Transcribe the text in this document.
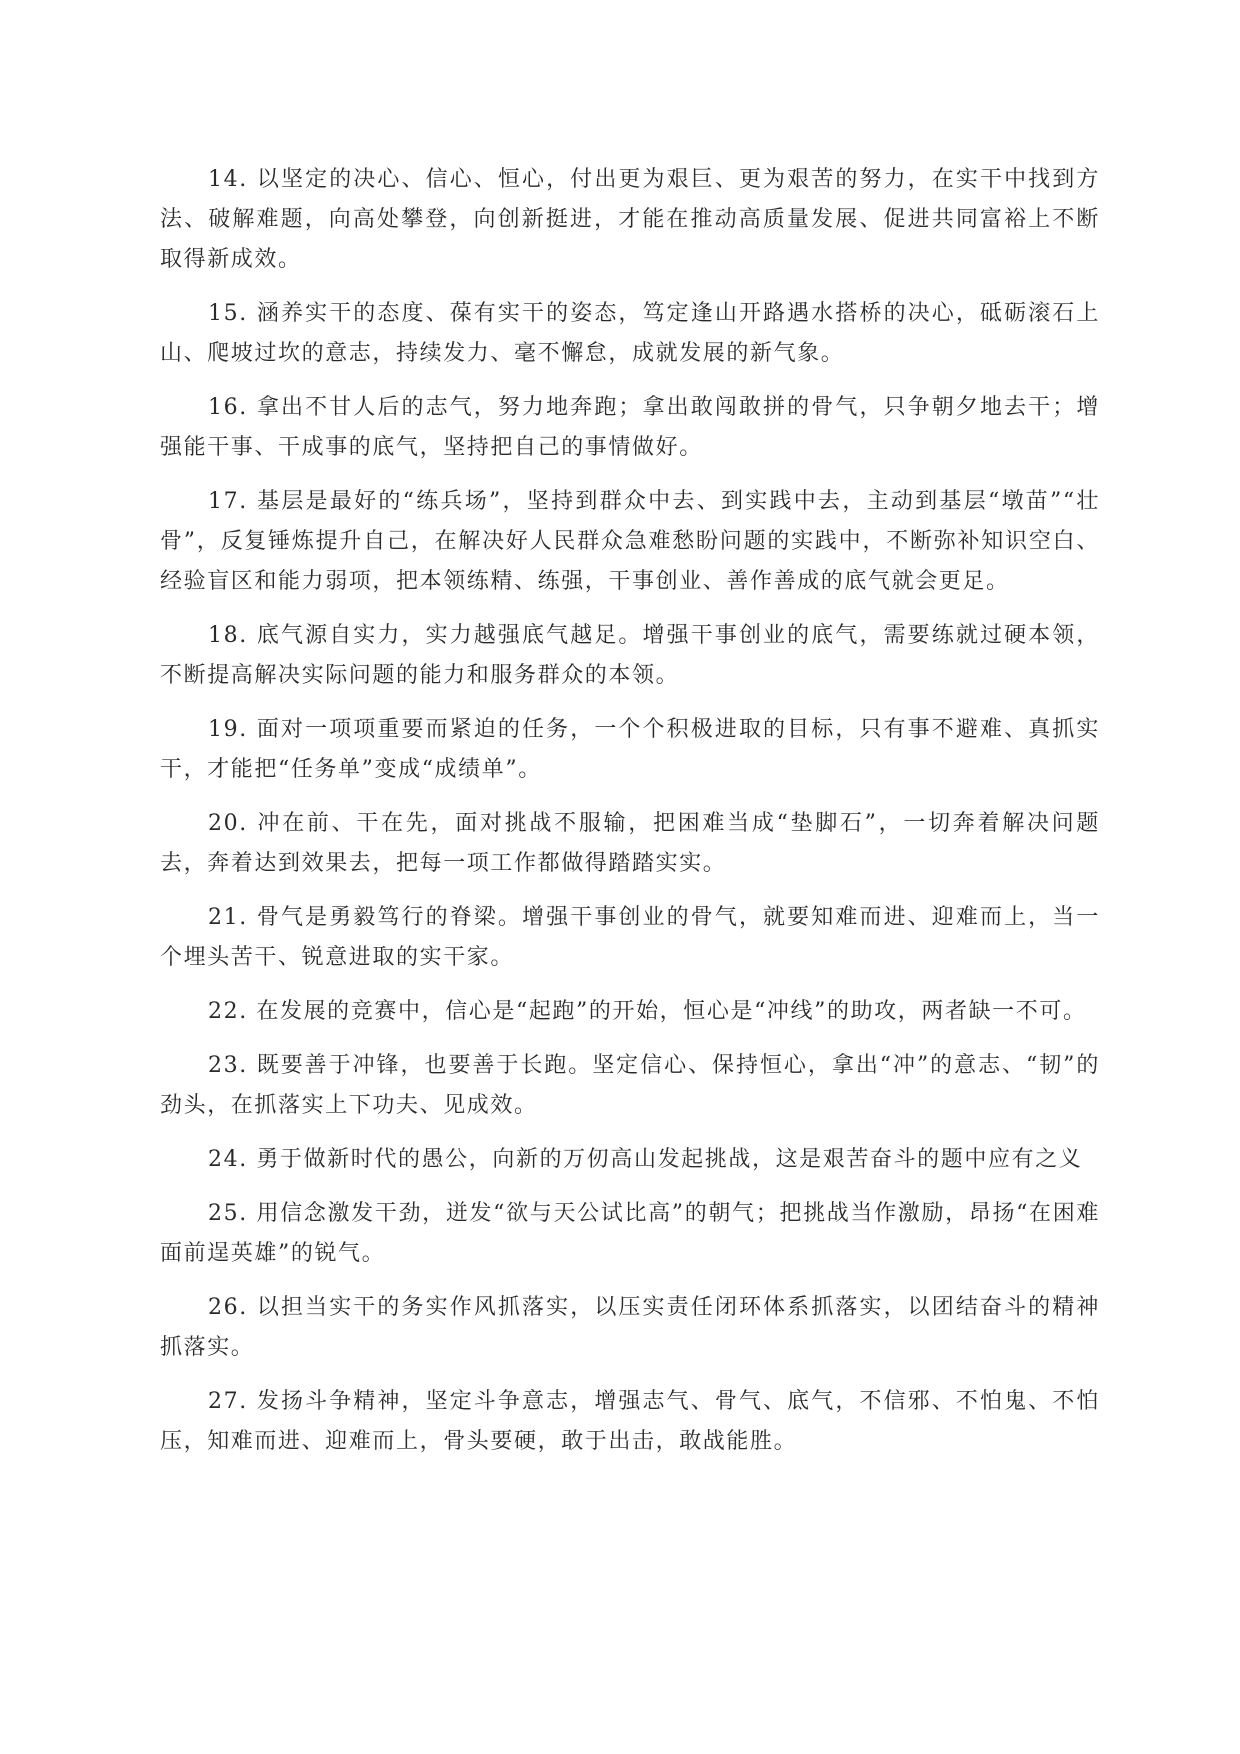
14. 以坚定的决心、信心、恒心，付出更为艰巨、更为艰苦的努力，在实干中找到方法、破解难题，向高处攀登，向创新挺进，才能在推动高质量发展、促进共同富裕上不断取得新成效。

15. 涵养实干的态度、葆有实干的姿态，笃定逢山开路遇水搭桥的决心，砥砺滚石上山、爬坡过坎的意志，持续发力、毫不懈怠，成就发展的新气象。

16. 拿出不甘人后的志气，努力地奔跑；拿出敢闯敢拼的骨气，只争朝夕地去干；增强能干事、干成事的底气，坚持把自己的事情做好。

17. 基层是最好的“练兵场”，坚持到群众中去、到实践中去，主动到基层“墩苗”“壮骨”，反复锤炼提升自己，在解决好人民群众急难愁盼问题的实践中，不断弥补知识空白、经验盲区和能力弱项，把本领练精、练强，干事创业、善作善成的底气就会更足。

18. 底气源自实力，实力越强底气越足。增强干事创业的底气，需要练就过硬本领，不断提高解决实际问题的能力和服务群众的本领。

19. 面对一项项重要而紧迫的任务，一个个积极进取的目标，只有事不避难、真抓实干，才能把“任务单”变成“成绩单”。

20. 冲在前、干在先，面对挑战不服输，把困难当成“垫脚石”，一切奔着解决问题去，奔着达到效果去，把每一项工作都做得踏踏实实。

21. 骨气是勇毅笃行的脊梁。增强干事创业的骨气，就要知难而进、迎难而上，当一个埋头苦干、锐意进取的实干家。

22. 在发展的竞赛中，信心是“起跑”的开始，恒心是“冲线”的助攻，两者缺一不可。

23. 既要善于冲锋，也要善于长跑。坚定信心、保持恒心，拿出“冲”的意志、“韧”的劲头，在抓落实上下功夫、见成效。

24. 勇于做新时代的愚公，向新的万仞高山发起挑战，这是艰苦奋斗的题中应有之义

25. 用信念激发干劲，迸发“欲与天公试比高”的朝气；把挑战当作激励，昂扬“在困难面前逞英雄”的锐气。

26. 以担当实干的务实作风抓落实，以压实责任闭环体系抓落实，以团结奋斗的精神抓落实。

27. 发扬斗争精神，坚定斗争意志，增强志气、骨气、底气，不信邪、不怕鬼、不怕压，知难而进、迎难而上，骨头要硬，敢于出击，敢战能胜。
